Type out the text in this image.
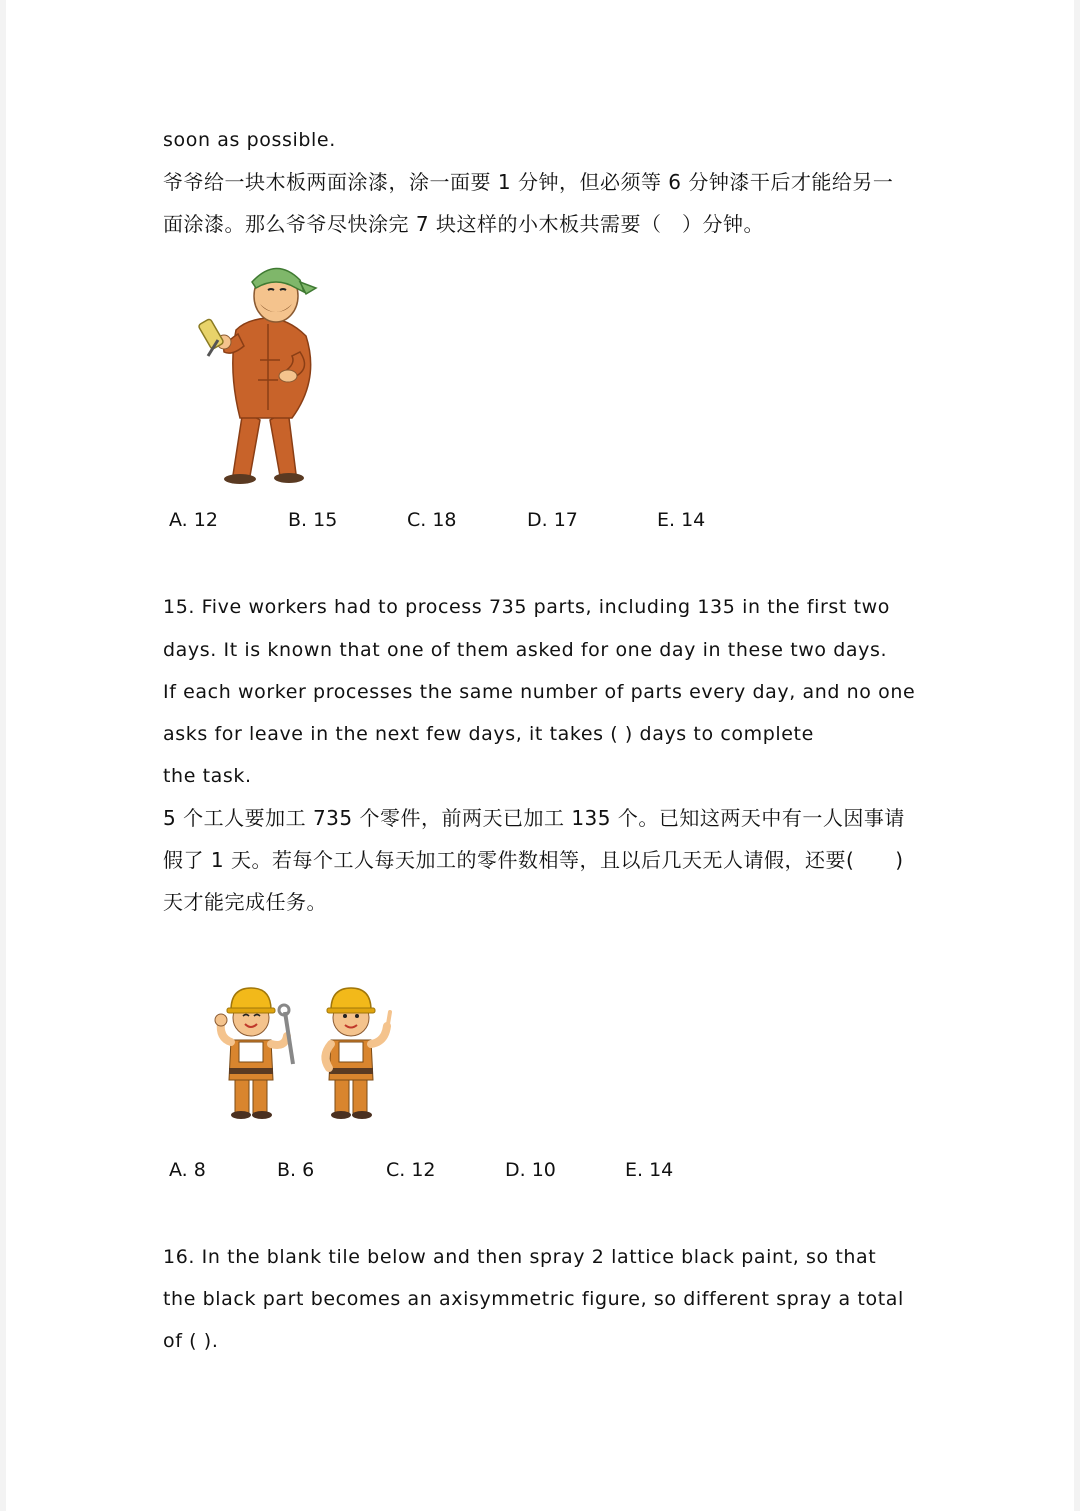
soon as possible.
爷爷给一块木板两面涂漆，涂一面要 1 分钟，但必须等 6 分钟漆干后才能给另一
面涂漆。那么爷爷尽快涂完 7 块这样的小木板共需要（　）分钟。
A. 12	B. 15	C. 18	D. 17	E. 14
15. Five workers had to process 735 parts, including 135 in the first two
days. It is known that one of them asked for one day in these two days.
If each worker processes the same number of parts every day, and no one
asks for leave in the next few days, it takes ( ) days to complete
the task.
5 个工人要加工 735 个零件，前两天已加工 135 个。已知这两天中有一人因事请
假了 1 天。若每个工人每天加工的零件数相等，且以后几天无人请假，还要(　　)
天才能完成任务。
A. 8	B. 6	C. 12	D. 10	E. 14
16. In the blank tile below and then spray 2 lattice black paint, so that
the black part becomes an axisymmetric figure, so different spray a total
of ( ).
